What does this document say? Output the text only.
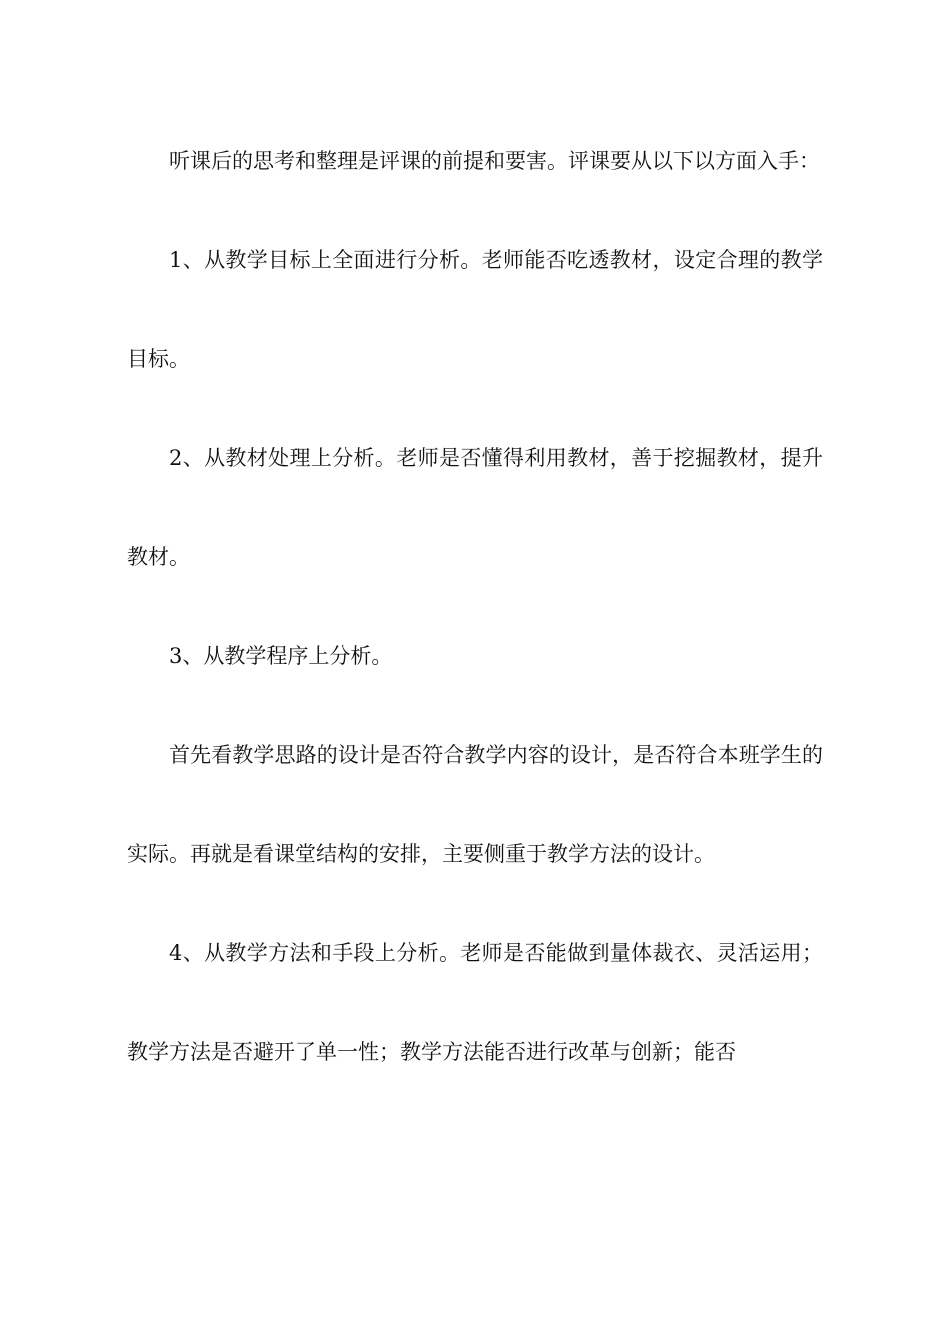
听课后的思考和整理是评课的前提和要害。评课要从以下以方面入手：

1、从教学目标上全面进行分析。老师能否吃透教材，设定合理的教学目标。

2、从教材处理上分析。老师是否懂得利用教材，善于挖掘教材，提升教材。

3、从教学程序上分析。

首先看教学思路的设计是否符合教学内容的设计，是否符合本班学生的实际。再就是看课堂结构的安排，主要侧重于教学方法的设计。

4、从教学方法和手段上分析。老师是否能做到量体裁衣、灵活运用；教学方法是否避开了单一性；教学方法能否进行改革与创新；能否
